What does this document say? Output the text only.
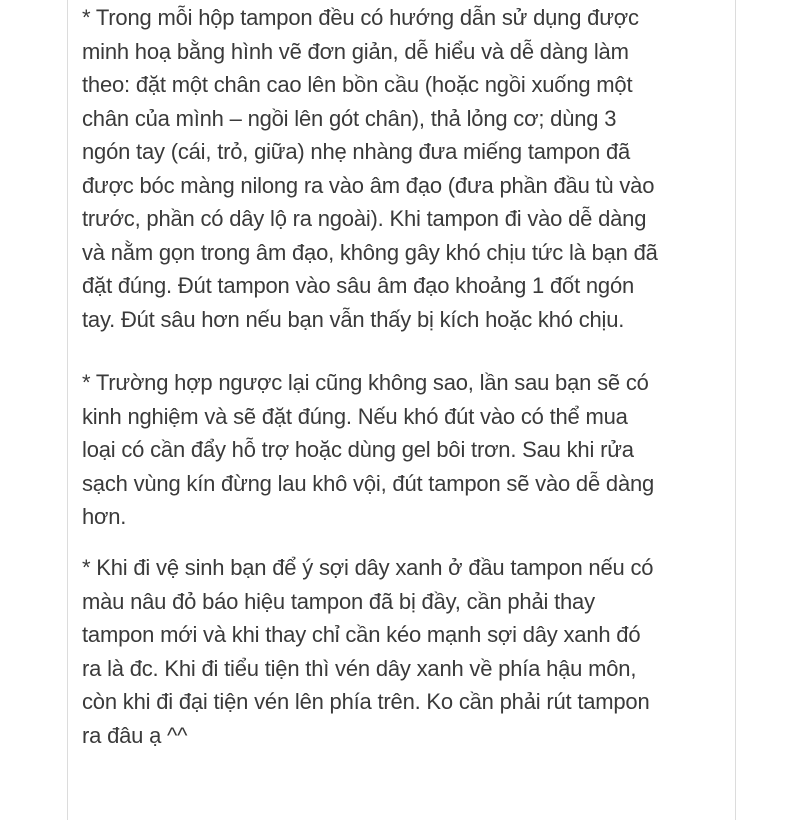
* Trong mỗi hộp tampon đều có hướng dẫn sử dụng được
minh hoạ bằng hình vẽ đơn giản, dễ hiểu và dễ dàng làm
theo: đặt một chân cao lên bồn cầu (hoặc ngồi xuống một
chân của mình – ngồi lên gót chân), thả lỏng cơ; dùng 3
ngón tay (cái, trỏ, giữa) nhẹ nhàng đưa miếng tampon đã
được bóc màng nilong ra vào âm đạo (đưa phần đầu tù vào
trước, phần có dây lộ ra ngoài). Khi tampon đi vào dễ dàng
và nằm gọn trong âm đạo, không gây khó chịu tức là bạn đã
đặt đúng. Đút tampon vào sâu âm đạo khoảng 1 đốt ngón
tay. Đút sâu hơn nếu bạn vẫn thấy bị kích hoặc khó chịu.
* Trường hợp ngược lại cũng không sao, lần sau bạn sẽ có
kinh nghiệm và sẽ đặt đúng. Nếu khó đút vào có thể mua
loại có cần đẩy hỗ trợ hoặc dùng gel bôi trơn. Sau khi rửa
sạch vùng kín đừng lau khô vội, đút tampon sẽ vào dễ dàng
hơn.
* Khi đi vệ sinh bạn để ý sợi dây xanh ở đầu tampon nếu có
màu nâu đỏ báo hiệu tampon đã bị đầy, cần phải thay
tampon mới và khi thay chỉ cần kéo mạnh sợi dây xanh đó
ra là đc. Khi đi tiểu tiện thì vén dây xanh về phía hậu môn,
còn khi đi đại tiện vén lên phía trên. Ko cần phải rút tampon
ra đâu ạ ^^
